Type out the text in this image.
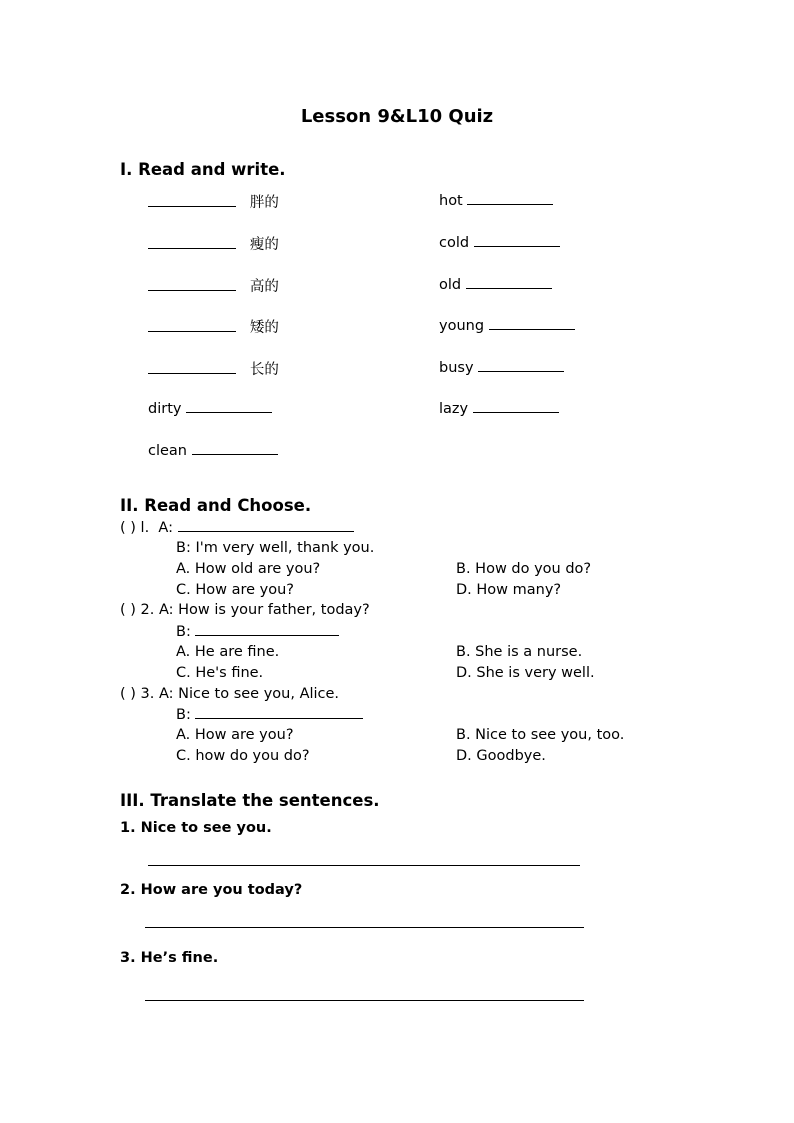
Lesson 9&L10 Quiz
I. Read and write.
胖的
瘦的
高的
矮的
长的
dirty
clean
hot
cold
old
young
busy
lazy
II. Read and Choose.
( ) l. A:
B: I'm very well, thank you.
A. How old are you?	B. How do you do?
C. How are you?	D. How many?
( ) 2. A: How is your father, today?
B:
A. He are fine.	B. She is a nurse.
C. He's fine.	D. She is very well.
( ) 3. A: Nice to see you, Alice.
B:
A. How are you?	B. Nice to see you, too.
C. how do you do?	D. Goodbye.
III. Translate the sentences.
1. Nice to see you.
2. How are you today?
3. He’s fine.
